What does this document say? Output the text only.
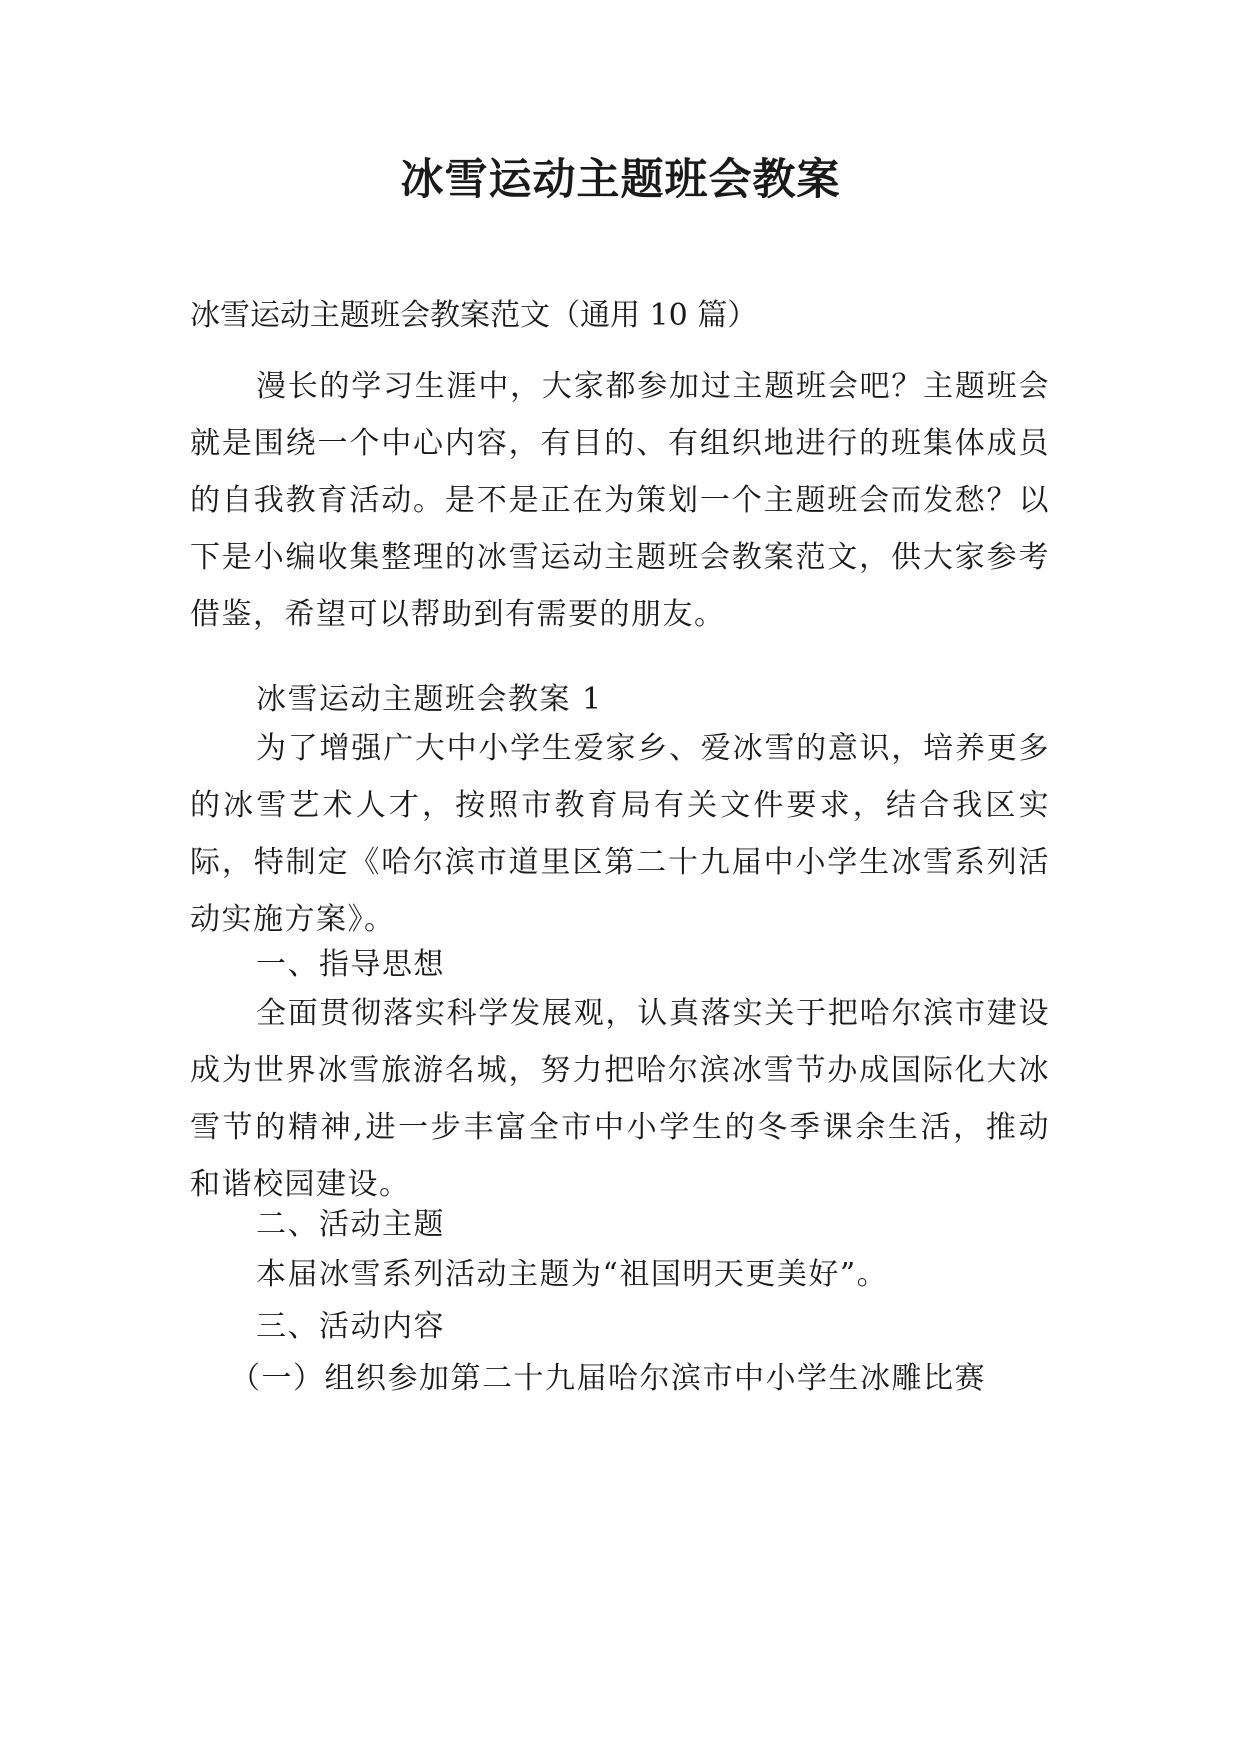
冰雪运动主题班会教案

冰雪运动主题班会教案范文（通用 10 篇）

漫长的学习生涯中，大家都参加过主题班会吧？主题班会就是围绕一个中心内容，有目的、有组织地进行的班集体成员的自我教育活动。是不是正在为策划一个主题班会而发愁？以下是小编收集整理的冰雪运动主题班会教案范文，供大家参考借鉴，希望可以帮助到有需要的朋友。

冰雪运动主题班会教案 1

为了增强广大中小学生爱家乡、爱冰雪的意识，培养更多的冰雪艺术人才，按照市教育局有关文件要求，结合我区实际，特制定《哈尔滨市道里区第二十九届中小学生冰雪系列活动实施方案》。

一、指导思想

全面贯彻落实科学发展观，认真落实关于把哈尔滨市建设成为世界冰雪旅游名城，努力把哈尔滨冰雪节办成国际化大冰雪节的精神,进一步丰富全市中小学生的冬季课余生活，推动和谐校园建设。

二、活动主题

本届冰雪系列活动主题为“祖国明天更美好”。

三、活动内容

（一）组织参加第二十九届哈尔滨市中小学生冰雕比赛
